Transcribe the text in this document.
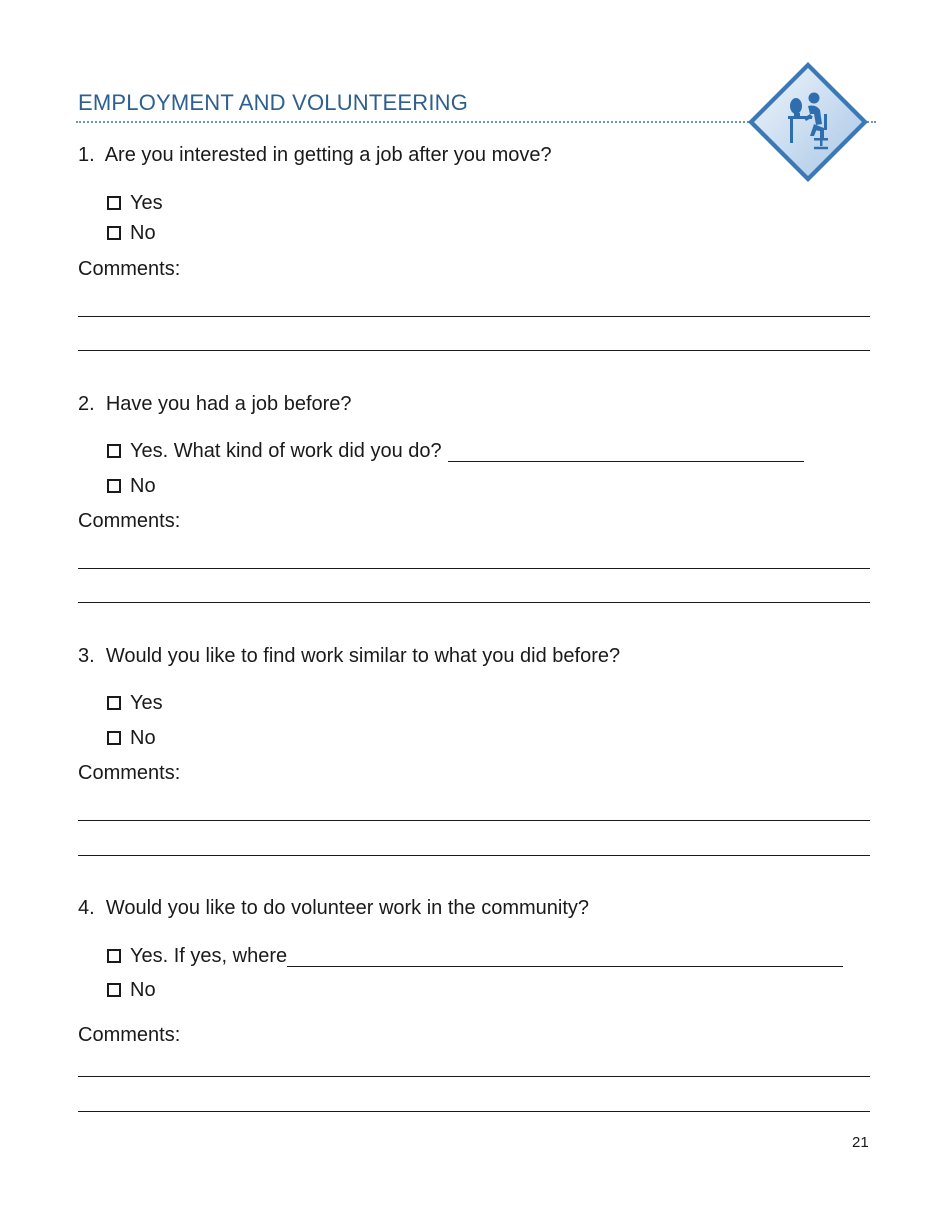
EMPLOYMENT AND VOLUNTEERING
1. Are you interested in getting a job after you move?
Yes
No
Comments:
2. Have you had a job before?
Yes. What kind of work did you do?
No
Comments:
3. Would you like to find work similar to what you did before?
Yes
No
Comments:
4.  Would you like to do volunteer work in the community?
Yes. If yes, where
No
Comments:
21
